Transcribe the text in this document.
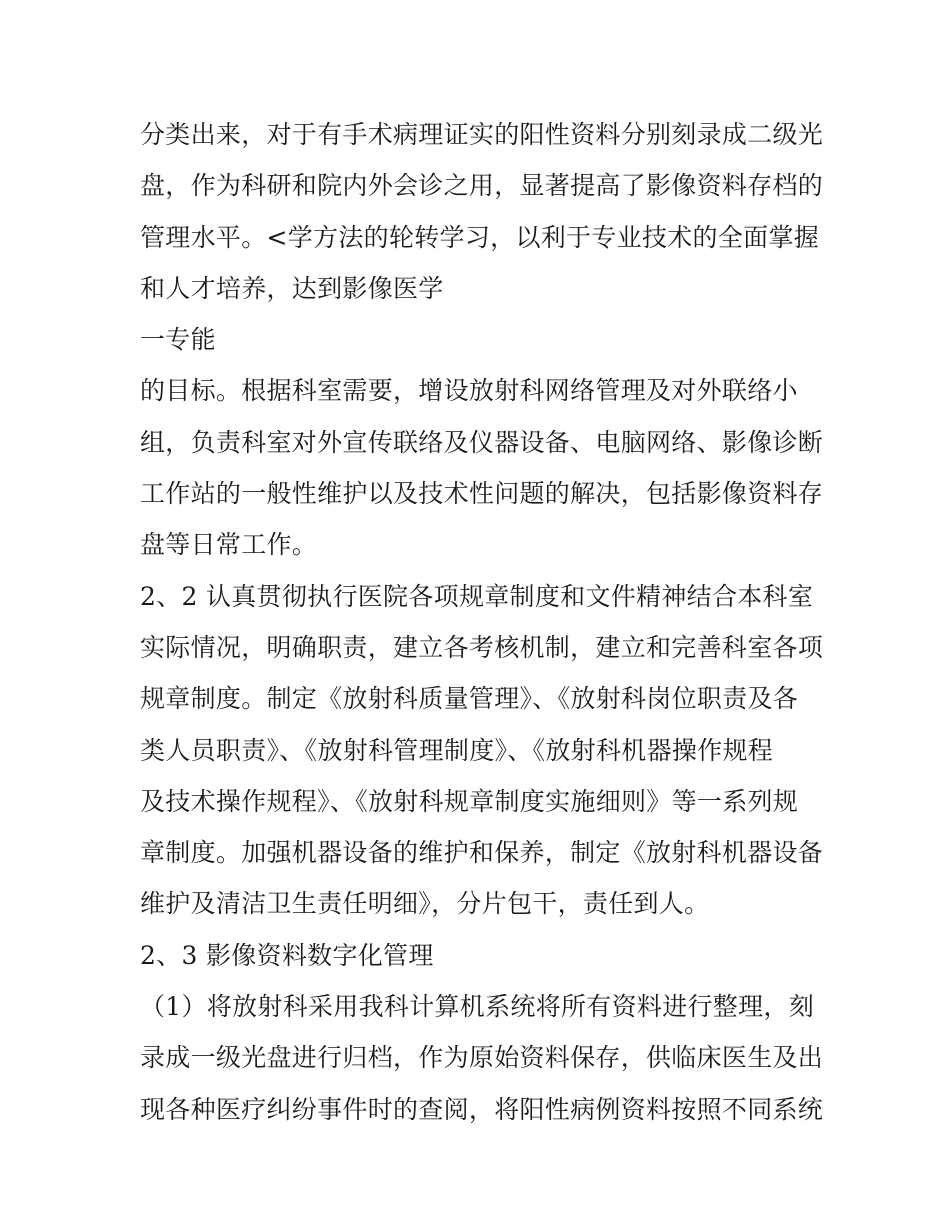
分类出来，对于有手术病理证实的阳性资料分别刻录成二级光
盘，作为科研和院内外会诊之用，显著提高了影像资料存档的
管理水平。<学方法的轮转学习，以利于专业技术的全面掌握
和人才培养，达到影像医学
一专能
的目标。根据科室需要，增设放射科网络管理及对外联络小
组，负责科室对外宣传联络及仪器设备、电脑网络、影像诊断
工作站的一般性维护以及技术性问题的解决，包括影像资料存
盘等日常工作。
2、2 认真贯彻执行医院各项规章制度和文件精神结合本科室
实际情况，明确职责，建立各考核机制，建立和完善科室各项
规章制度。制定《放射科质量管理》、《放射科岗位职责及各
类人员职责》、《放射科管理制度》、《放射科机器操作规程
及技术操作规程》、《放射科规章制度实施细则》等一系列规
章制度。加强机器设备的维护和保养，制定《放射科机器设备
维护及清洁卫生责任明细》，分片包干，责任到人。
2、3 影像资料数字化管理
（1）将放射科采用我科计算机系统将所有资料进行整理，刻
录成一级光盘进行归档，作为原始资料保存，供临床医生及出
现各种医疗纠纷事件时的查阅，将阳性病例资料按照不同系统
